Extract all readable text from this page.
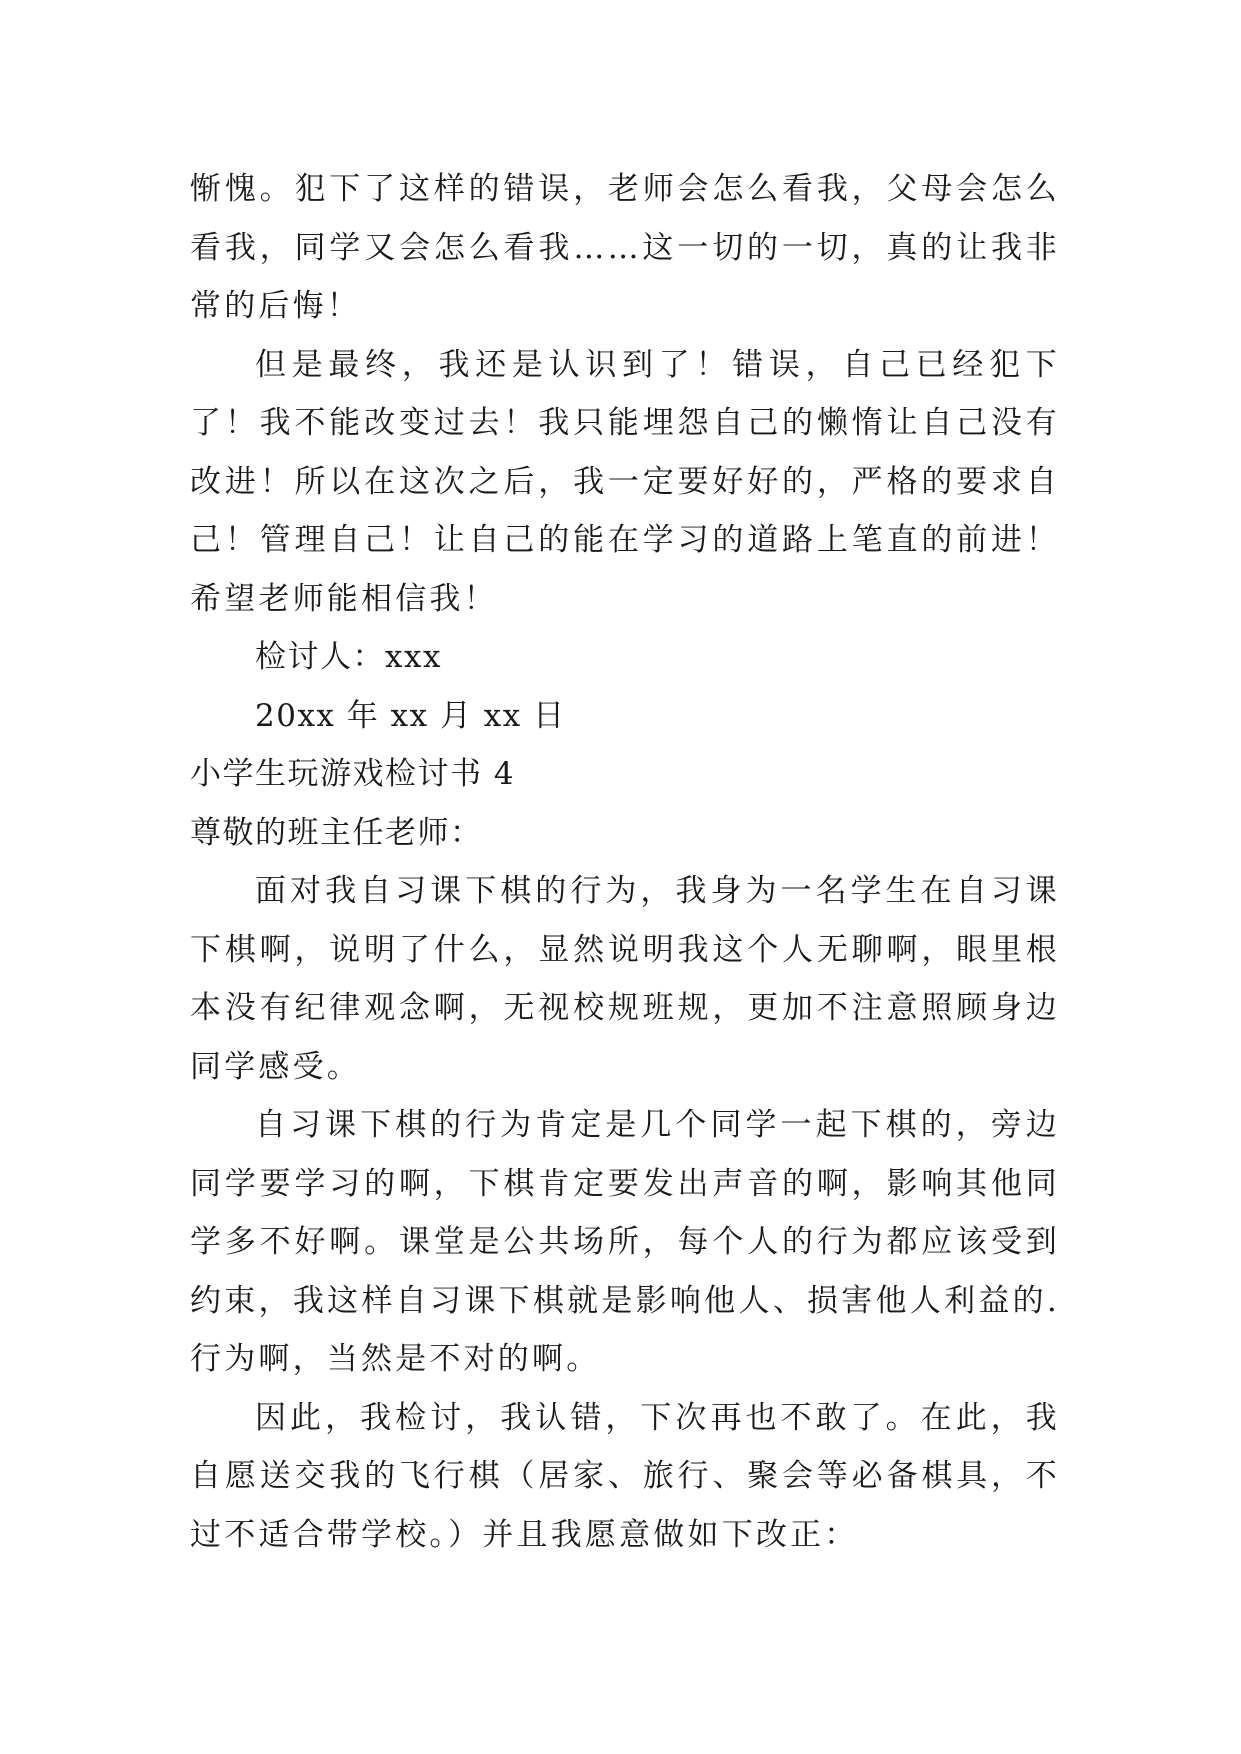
惭愧。犯下了这样的错误，老师会怎么看我，父母会怎么看我，同学又会怎么看我……这一切的一切，真的让我非常的后悔！

但是最终，我还是认识到了！错误，自己已经犯下了！我不能改变过去！我只能埋怨自己的懒惰让自己没有改进！所以在这次之后，我一定要好好的，严格的要求自己！管理自己！让自己的能在学习的道路上笔直的前进！希望老师能相信我！

检讨人：xxx

20xx 年 xx 月 xx 日

小学生玩游戏检讨书 4

尊敬的班主任老师：

面对我自习课下棋的行为，我身为一名学生在自习课下棋啊，说明了什么，显然说明我这个人无聊啊，眼里根本没有纪律观念啊，无视校规班规，更加不注意照顾身边同学感受。

自习课下棋的行为肯定是几个同学一起下棋的，旁边同学要学习的啊，下棋肯定要发出声音的啊，影响其他同学多不好啊。课堂是公共场所，每个人的行为都应该受到约束，我这样自习课下棋就是影响他人、损害他人利益的.行为啊，当然是不对的啊。

因此，我检讨，我认错，下次再也不敢了。在此，我自愿送交我的飞行棋（居家、旅行、聚会等必备棋具，不过不适合带学校。）并且我愿意做如下改正：
